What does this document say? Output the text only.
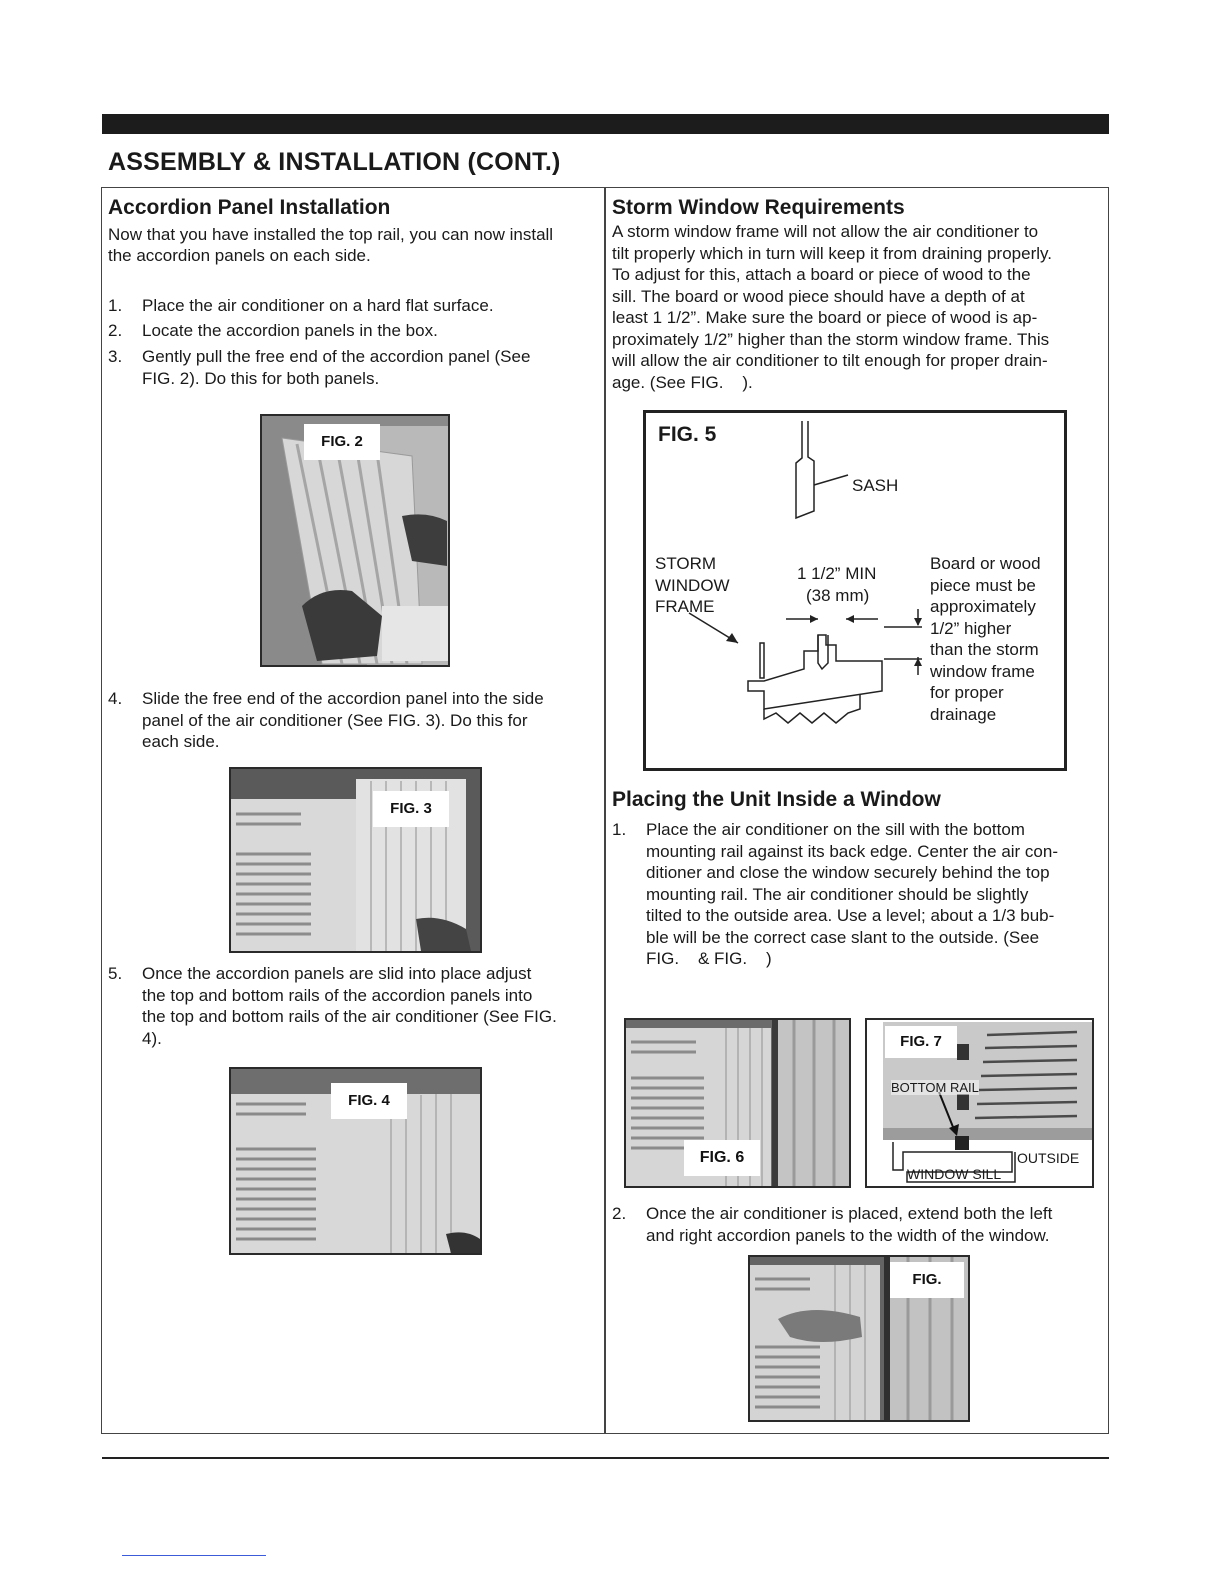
ASSEMBLY & INSTALLATION (CONT.)
Accordion Panel Installation

Now that you have installed the top rail, you can now install

the accordion panels on each side.

1. Place the air conditioner on a hard flat surface.
2. Locate the accordion panels in the box.
3. Gently pull the free end of the accordion panel (See
FIG. 2). Do this for both panels.
FIG. 2
4. Slide the free end of the accordion panel into the side
panel of the air conditioner (See FIG. 3). Do this for
each side.
FIG. 3
5. Once the accordion panels are slid into place adjust
the top and bottom rails of the accordion panels into
the top and bottom rails of the air conditioner (See FIG.
4).
FIG. 4
Storm Window Requirements

A storm window frame will not allow the air conditioner to

tilt properly which in turn will keep it from draining properly.

To adjust for this, attach a board or piece of wood to the

sill. The board or wood piece should have a depth of at

least 1 1/2”. Make sure the board or piece of wood is ap-

proximately 1/2” higher than the storm window frame. This

will allow the air conditioner to tilt enough for proper drain-

age. (See FIG.    ).

FIG. 5
SASH
STORM
WINDOW
FRAME
1 1/2” MIN
(38 mm)
Board or wood
piece must be
approximately
1/2” higher
than the storm
window frame
for proper
drainage
Placing the Unit Inside a Window
1. Place the air conditioner on the sill with the bottom
mounting rail against its back edge. Center the air con-
ditioner and close the window securely behind the top
mounting rail. The air conditioner should be slightly
tilted to the outside area. Use a level; about a 1/3 bub-
ble will be the correct case slant to the outside. (See
FIG.    & FIG.    )
FIG. 6
FIG. 7
BOTTOM RAIL
OUTSIDE
WINDOW SILL
2. Once the air conditioner is placed, extend both the left
and right accordion panels to the width of the window.
FIG.
